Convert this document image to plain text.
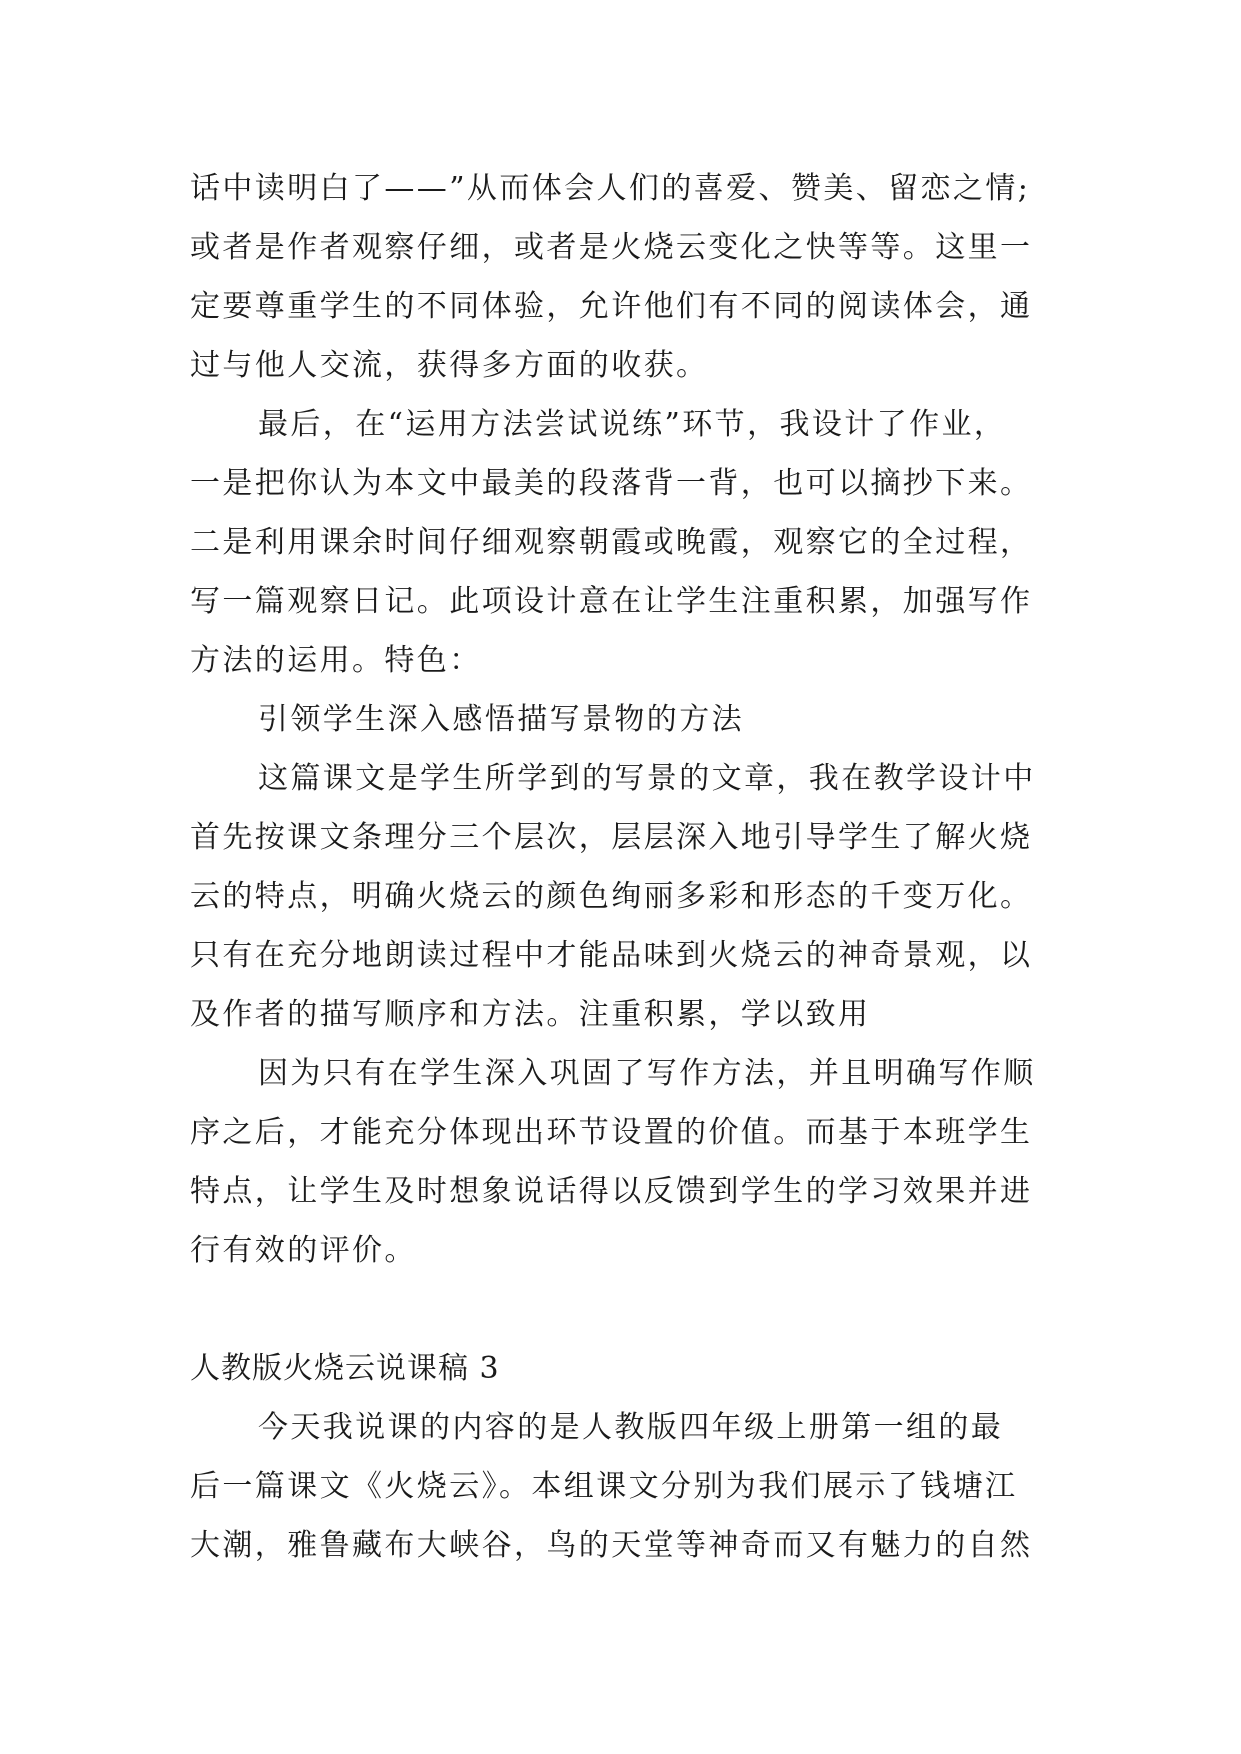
话中读明白了——”从而体会人们的喜爱、赞美、留恋之情;
或者是作者观察仔细，或者是火烧云变化之快等等。这里一
定要尊重学生的不同体验，允许他们有不同的阅读体会，通
过与他人交流，获得多方面的收获。
最后，在“运用方法尝试说练”环节，我设计了作业，
一是把你认为本文中最美的段落背一背，也可以摘抄下来。
二是利用课余时间仔细观察朝霞或晚霞，观察它的全过程，
写一篇观察日记。此项设计意在让学生注重积累，加强写作
方法的运用。特色：
引领学生深入感悟描写景物的方法
这篇课文是学生所学到的写景的文章，我在教学设计中
首先按课文条理分三个层次，层层深入地引导学生了解火烧
云的特点，明确火烧云的颜色绚丽多彩和形态的千变万化。
只有在充分地朗读过程中才能品味到火烧云的神奇景观，以
及作者的描写顺序和方法。注重积累，学以致用
因为只有在学生深入巩固了写作方法，并且明确写作顺
序之后，才能充分体现出环节设置的价值。而基于本班学生
特点，让学生及时想象说话得以反馈到学生的学习效果并进
行有效的评价。
人教版火烧云说课稿 3
今天我说课的内容的是人教版四年级上册第一组的最
后一篇课文《火烧云》。本组课文分别为我们展示了钱塘江
大潮，雅鲁藏布大峡谷，鸟的天堂等神奇而又有魅力的自然
